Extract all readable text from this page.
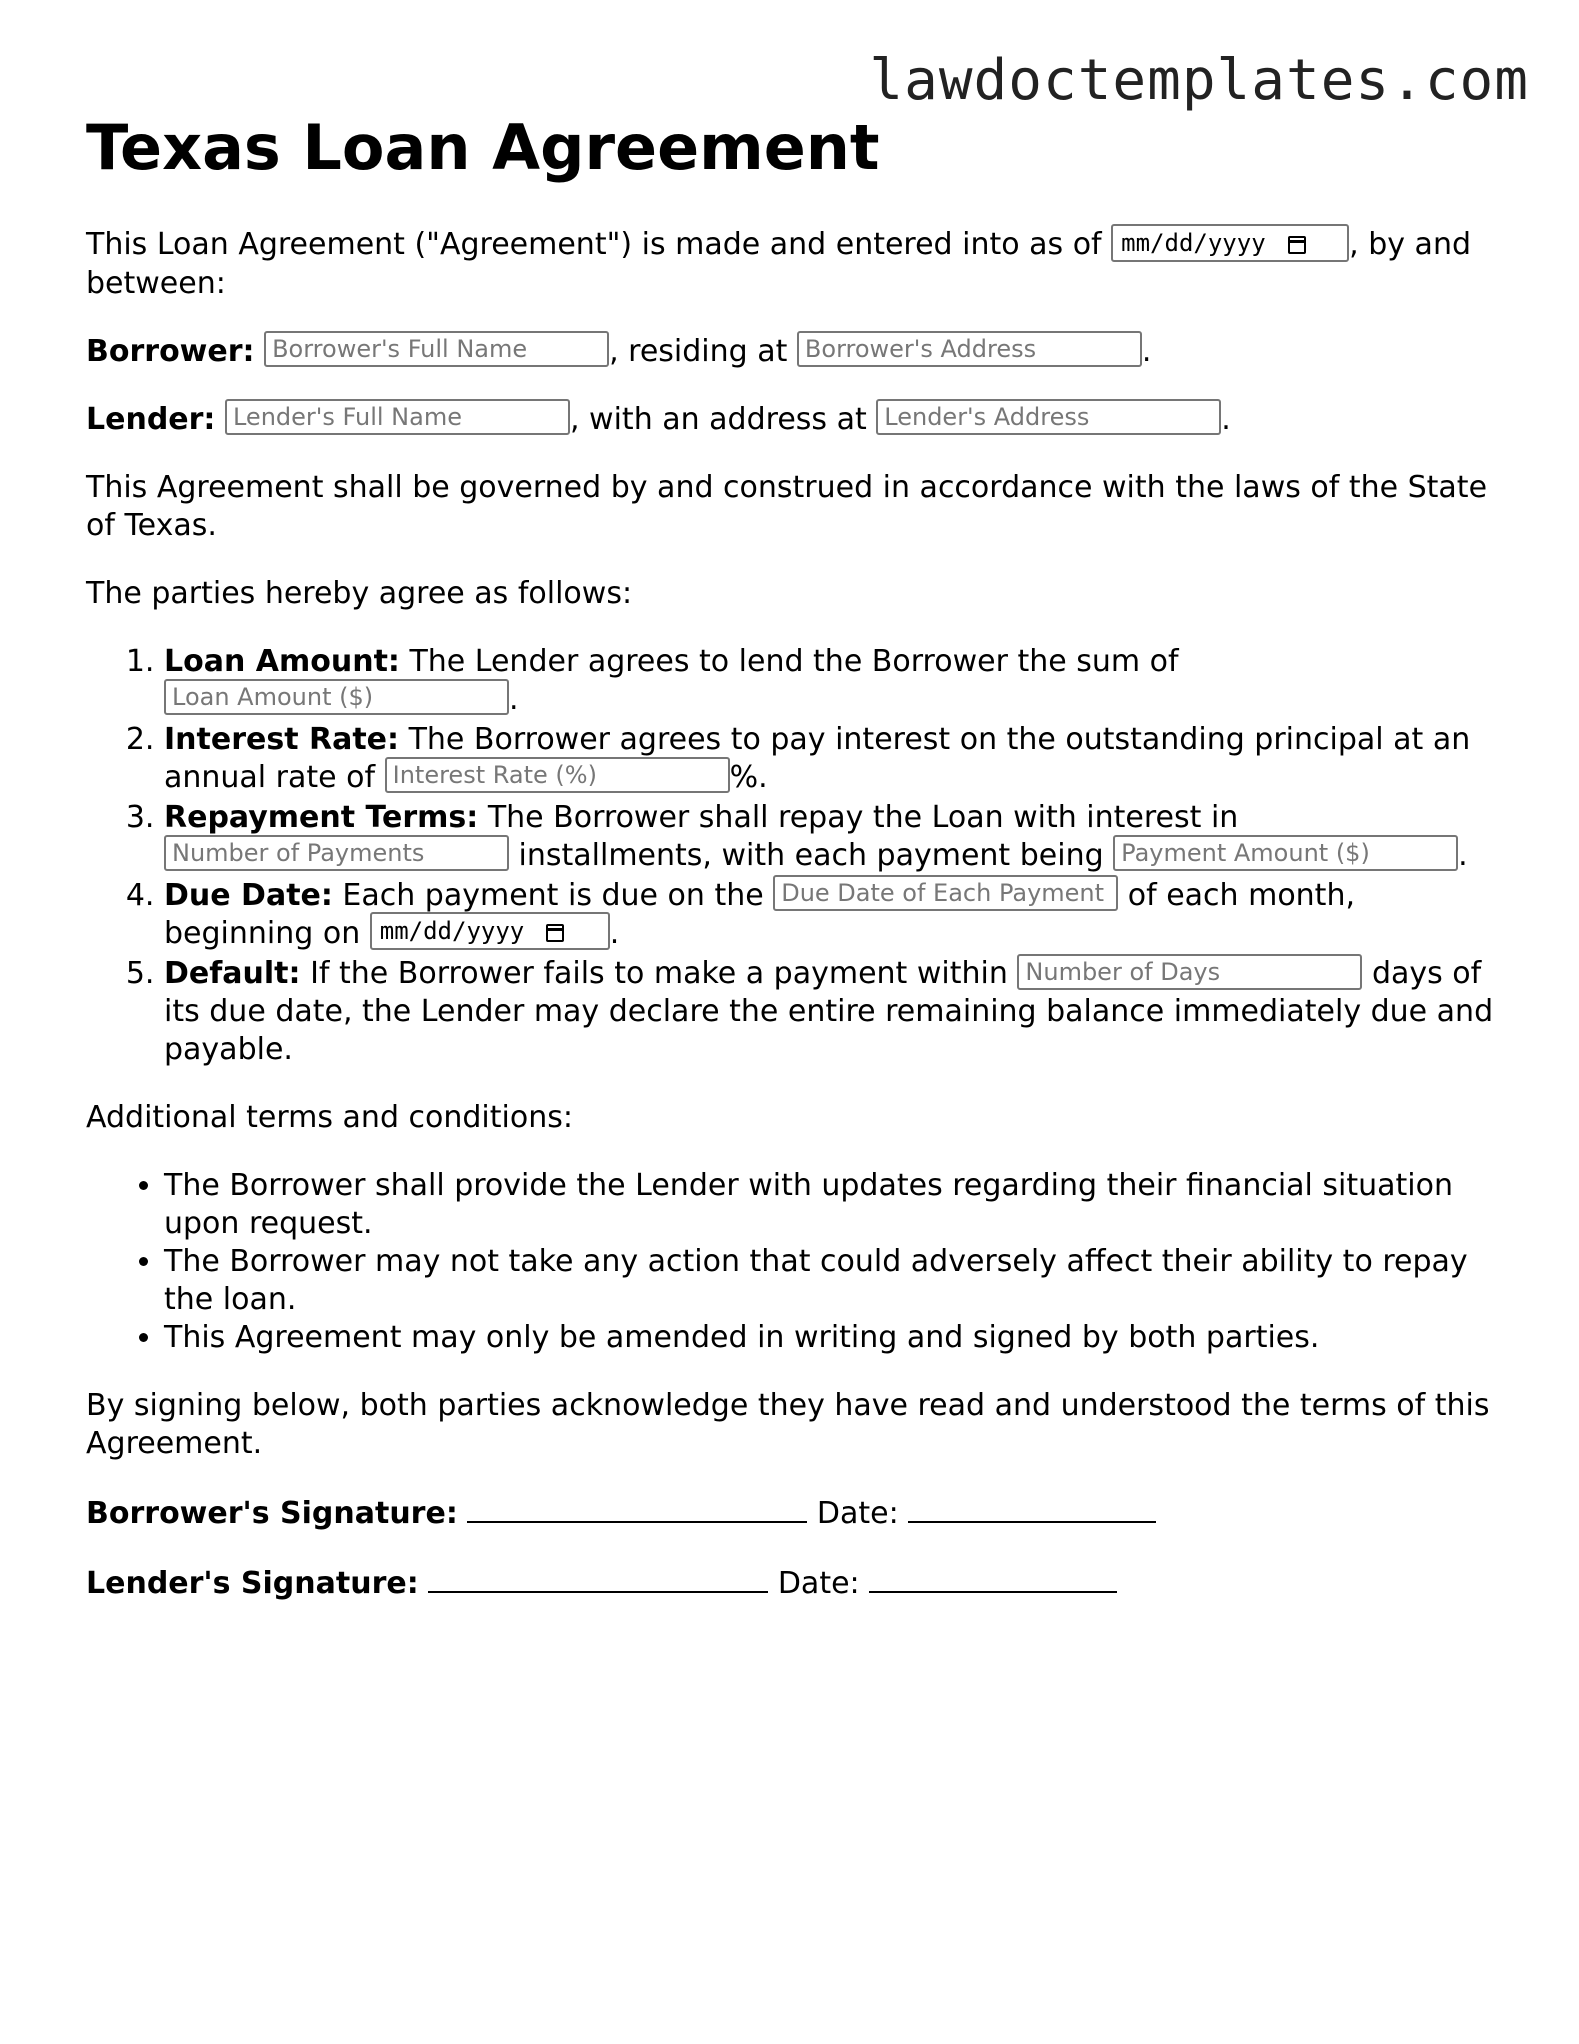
lawdoctemplates.com
Texas Loan Agreement

This Loan Agreement ("Agreement") is made and entered into as of mm/dd/yyyy	, by and between:

Borrower: Borrower's Full Name	, residing at Borrower's Address	.

Lender: Lender's Full Name	, with an address at Lender's Address	.

This Agreement shall be governed by and construed in accordance with the laws of the State of Texas.

The parties hereby agree as follows:

1. Loan Amount: The Lender agrees to lend the Borrower the sum of Loan Amount ($)	.
2. Interest Rate: The Borrower agrees to pay interest on the outstanding principal at an annual rate of Interest Rate (%)	%.
3. Repayment Terms: The Borrower shall repay the Loan with interest in Number of Payments	installments, with each payment being Payment Amount ($)	.
4. Due Date: Each payment is due on the Due Date of Each Payment of each month, beginning on mm/dd/yyyy	.
5. Default: If the Borrower fails to make a payment within Number of Days	days of its due date, the Lender may declare the entire remaining balance immediately due and payable.

Additional terms and conditions:

• The Borrower shall provide the Lender with updates regarding their financial situation upon request.
• The Borrower may not take any action that could adversely affect their ability to repay the loan.
• This Agreement may only be amended in writing and signed by both parties.

By signing below, both parties acknowledge they have read and understood the terms of this Agreement.

Borrower's Signature:	Date:

Lender's Signature:	Date:
